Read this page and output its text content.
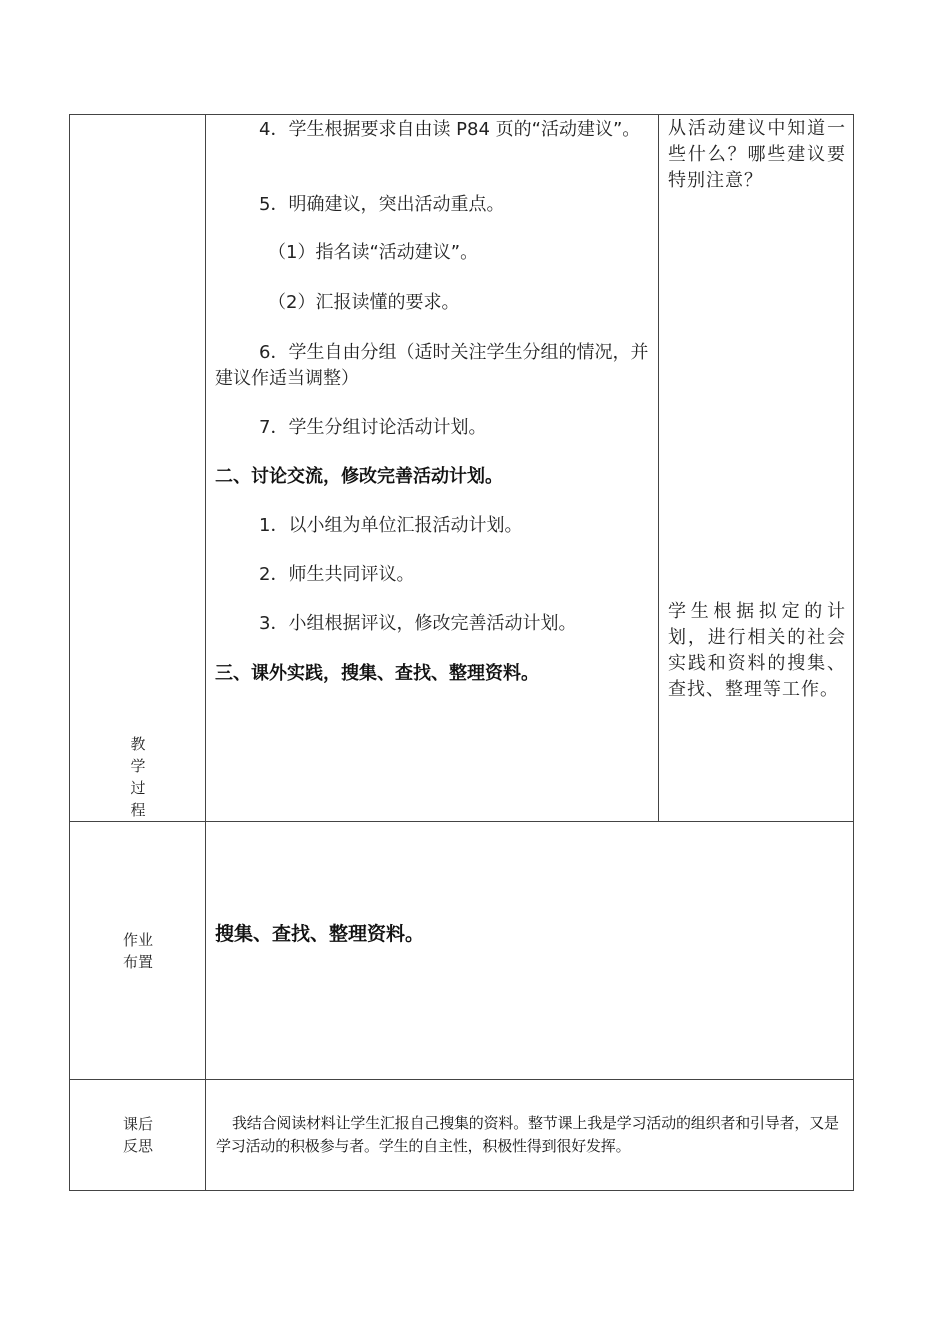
教
学
过
程

4．学生根据要求自由读 P84 页的“活动建议”。

5．明确建议，突出活动重点。

（1）指名读“活动建议”。

（2）汇报读懂的要求。

6．学生自由分组（适时关注学生分组的情况，并建议作适当调整）

7．学生分组讨论活动计划。

二、讨论交流，修改完善活动计划。

1．以小组为单位汇报活动计划。

2．师生共同评议。

3．小组根据评议，修改完善活动计划。

三、课外实践，搜集、查找、整理资料。

从活动建议中知道一些什么？哪些建议要特别注意？
学生根据拟定的计划，进行相关的社会实践和资料的搜集、查找、整理等工作。
作业
布置
搜集、查找、整理资料。
课后
反思
我结合阅读材料让学生汇报自己搜集的资料。整节课上我是学习活动的组织者和引导者，又是学习活动的积极参与者。学生的自主性，积极性得到很好发挥。
